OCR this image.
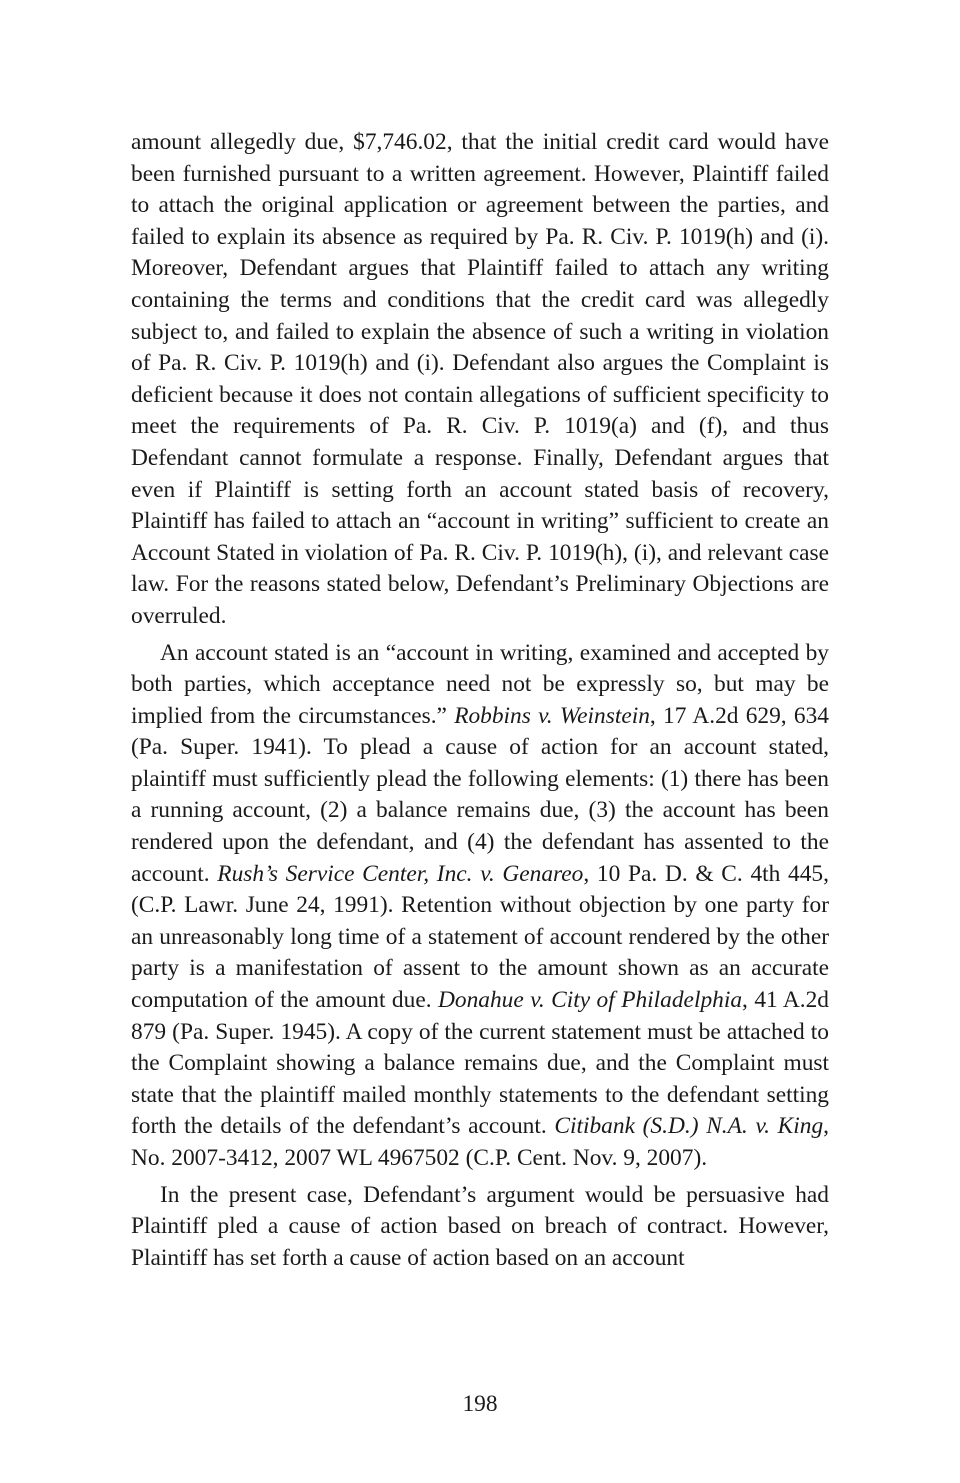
amount allegedly due, $7,746.02, that the initial credit card would have been furnished pursuant to a written agreement. However, Plaintiff failed to attach the original application or agreement between the parties, and failed to explain its absence as required by Pa. R. Civ. P. 1019(h) and (i). Moreover, Defendant argues that Plaintiff failed to attach any writing containing the terms and conditions that the credit card was allegedly subject to, and failed to explain the absence of such a writing in violation of Pa. R. Civ. P. 1019(h) and (i). Defendant also argues the Complaint is deficient because it does not contain allegations of sufficient specificity to meet the requirements of Pa. R. Civ. P. 1019(a) and (f), and thus Defendant cannot formulate a response. Finally, Defendant argues that even if Plaintiff is setting forth an account stated basis of recovery, Plaintiff has failed to attach an “account in writing” sufficient to create an Account Stated in violation of Pa. R. Civ. P. 1019(h), (i), and relevant case law. For the reasons stated below, Defendant’s Preliminary Objections are overruled.

An account stated is an “account in writing, examined and accepted by both parties, which acceptance need not be expressly so, but may be implied from the circumstances.” Robbins v. Weinstein, 17 A.2d 629, 634 (Pa. Super. 1941). To plead a cause of action for an account stated, plaintiff must sufficiently plead the following elements: (1) there has been a running account, (2) a balance remains due, (3) the account has been rendered upon the defendant, and (4) the defendant has assented to the account. Rush’s Service Center, Inc. v. Genareo, 10 Pa. D. & C. 4th 445, (C.P. Lawr. June 24, 1991). Retention without objection by one party for an unreasonably long time of a statement of account rendered by the other party is a manifestation of assent to the amount shown as an accurate computation of the amount due. Donahue v. City of Philadelphia, 41 A.2d 879 (Pa. Super. 1945). A copy of the current statement must be attached to the Complaint showing a balance remains due, and the Complaint must state that the plaintiff mailed monthly statements to the defendant setting forth the details of the defendant’s account. Citibank (S.D.) N.A. v. King, No. 2007-3412, 2007 WL 4967502 (C.P. Cent. Nov. 9, 2007).

In the present case, Defendant’s argument would be persuasive had Plaintiff pled a cause of action based on breach of contract. However, Plaintiff has set forth a cause of action based on an account

198
